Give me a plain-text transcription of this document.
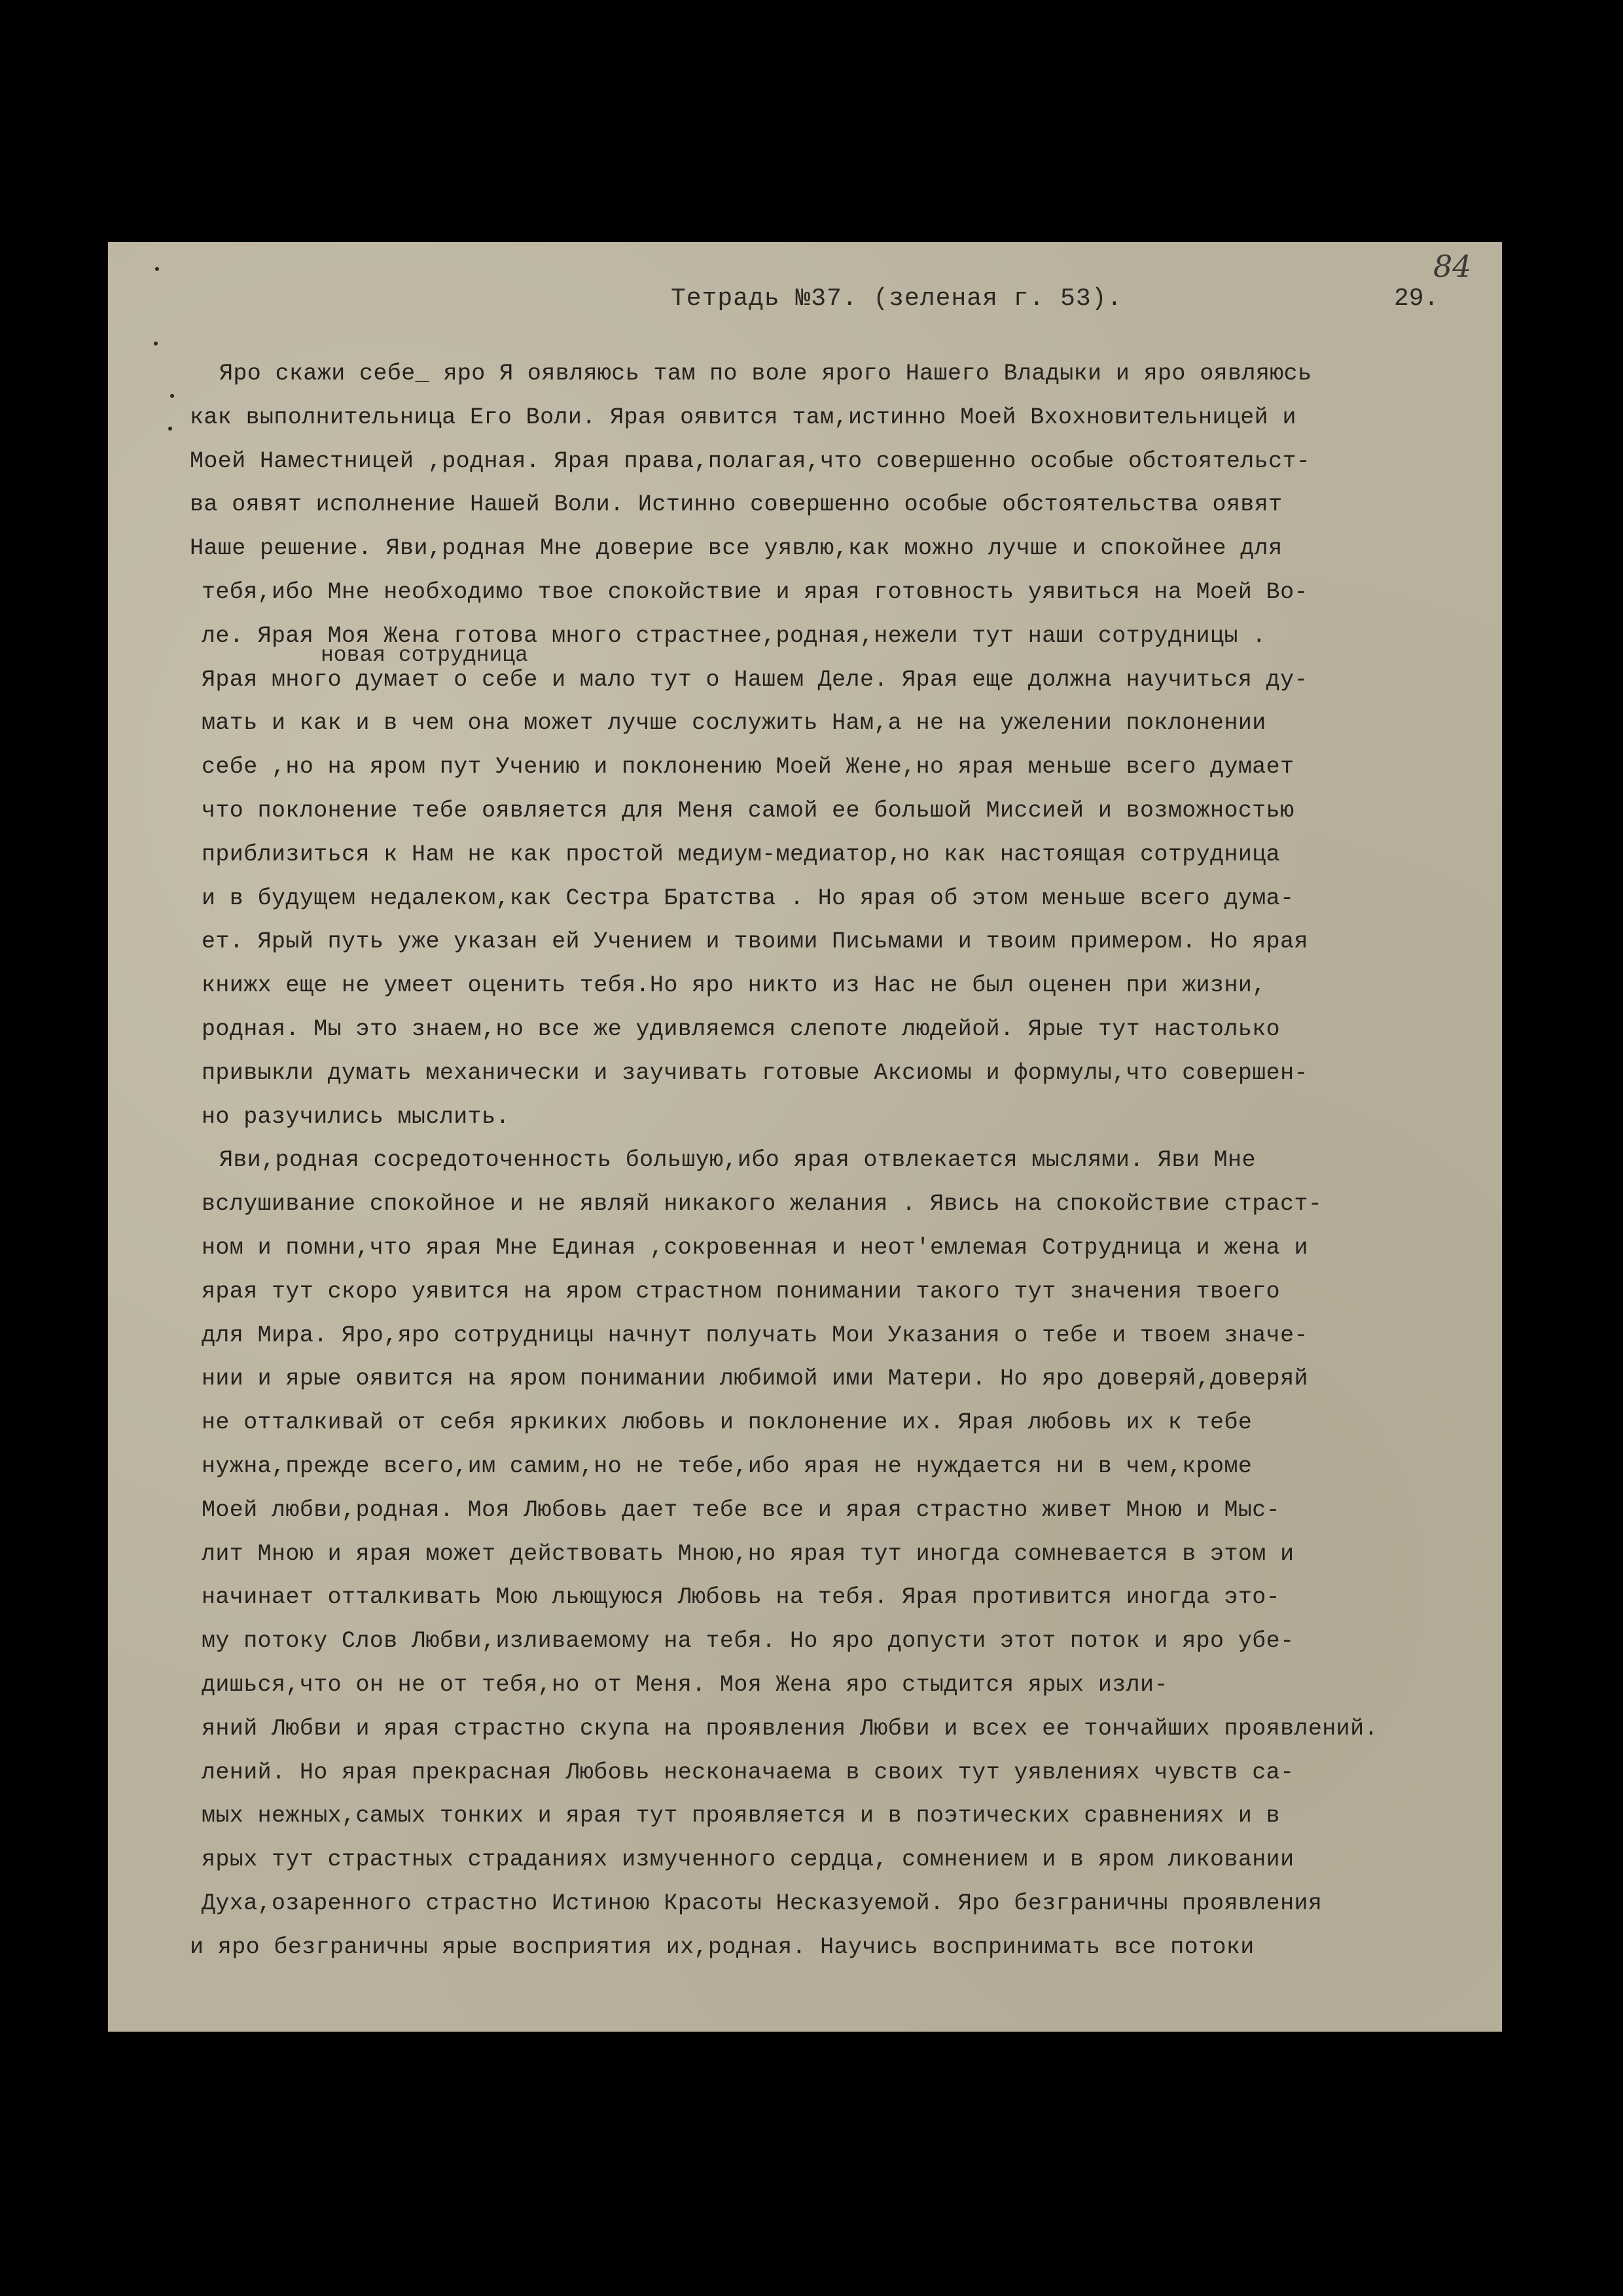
84
Тетрадь №37. (зеленая г. 53).	29.
новая сотрудница
Яро скажи себе_ яро Я оявляюсь там по воле ярого Нашего Владыки и яро оявляюсь
как выполнительница Его Воли. Ярая оявится там,истинно Моей Вхохновительницей и
Моей Наместницей ,родная. Ярая права,полагая,что совершенно особые обстоятельст-
ва оявят исполнение Нашей Воли. Истинно совершенно особые обстоятельства оявят
Наше решение. Яви,родная Мне доверие все уявлю,как можно лучше и спокойнее для
тебя,ибо Мне необходимо твое спокойствие и ярая готовность уявиться на Моей Во-
ле. Ярая Моя Жена готова много страстнее,родная,нежели тут наши сотрудницы .
Ярая много думает о себе и мало тут о Нашем Деле. Ярая еще должна научиться ду-
мать и как и в чем она может лучше сослужить Нам,а не на ужелении поклонении
себе ,но на яром пут Учению и поклонению Моей Жене,но ярая меньше всего думает
что поклонение тебе оявляется для Меня самой ее большой Миссией и возможностью
приблизиться к Нам не как простой медиум-медиатор,но как настоящая сотрудница
и в будущем недалеком,как Сестра Братства . Но ярая об этом меньше всего дума-
ет. Ярый путь уже указан ей Учением и твоими Письмами и твоим примером. Но ярая
книжх еще не умеет оценить тебя.Но яро никто из Нас не был оценен при жизни,
родная. Мы это знаем,но все же удивляемся слепоте людейой. Ярые тут настолько
привыкли думать механически и заучивать готовые Аксиомы и формулы,что совершен-
но разучились мыслить.
Яви,родная сосредоточенность большую,ибо ярая отвлекается мыслями. Яви Мне
вслушивание спокойное и не являй никакого желания . Явись на спокойствие страст-
ном и помни,что ярая Мне Единая ,сокровенная и неот'емлемая Сотрудница и жена и
ярая тут скоро уявится на яром страстном понимании такого тут значения твоего
для Мира. Яро,яро сотрудницы начнут получать Мои Указания о тебе и твоем значе-
нии и ярые оявится на яром понимании любимой ими Матери. Но яро доверяй,доверяй
не отталкивай от себя яркиких любовь и поклонение их. Ярая любовь их к тебе
нужна,прежде всего,им самим,но не тебе,ибо ярая не нуждается ни в чем,кроме
Моей любви,родная. Моя Любовь дает тебе все и ярая страстно живет Мною и Мыс-
лит Мною и ярая может действовать Мною,но ярая тут иногда сомневается в этом и
начинает отталкивать Мою льющуюся Любовь на тебя. Ярая противится иногда это-
му потоку Слов Любви,изливаемому на тебя. Но яро допусти этот поток и яро убе-
дишься,что он не от тебя,но от Меня. Моя Жена яро стыдится ярых изли-
яний Любви и ярая страстно скупа на проявления Любви и всех ее тончайших проявлений.
лений. Но ярая прекрасная Любовь несконачаема в своих тут уявлениях чувств са-
мых нежных,самых тонких и ярая тут проявляется и в поэтических сравнениях и в
ярых тут страстных страданиях измученного сердца, сомнением и в яром ликовании
Духа,озаренного страстно Истиною Красоты Несказуемой. Яро безграничны проявления
и яро безграничны ярые восприятия их,родная. Научись воспринимать все потоки
